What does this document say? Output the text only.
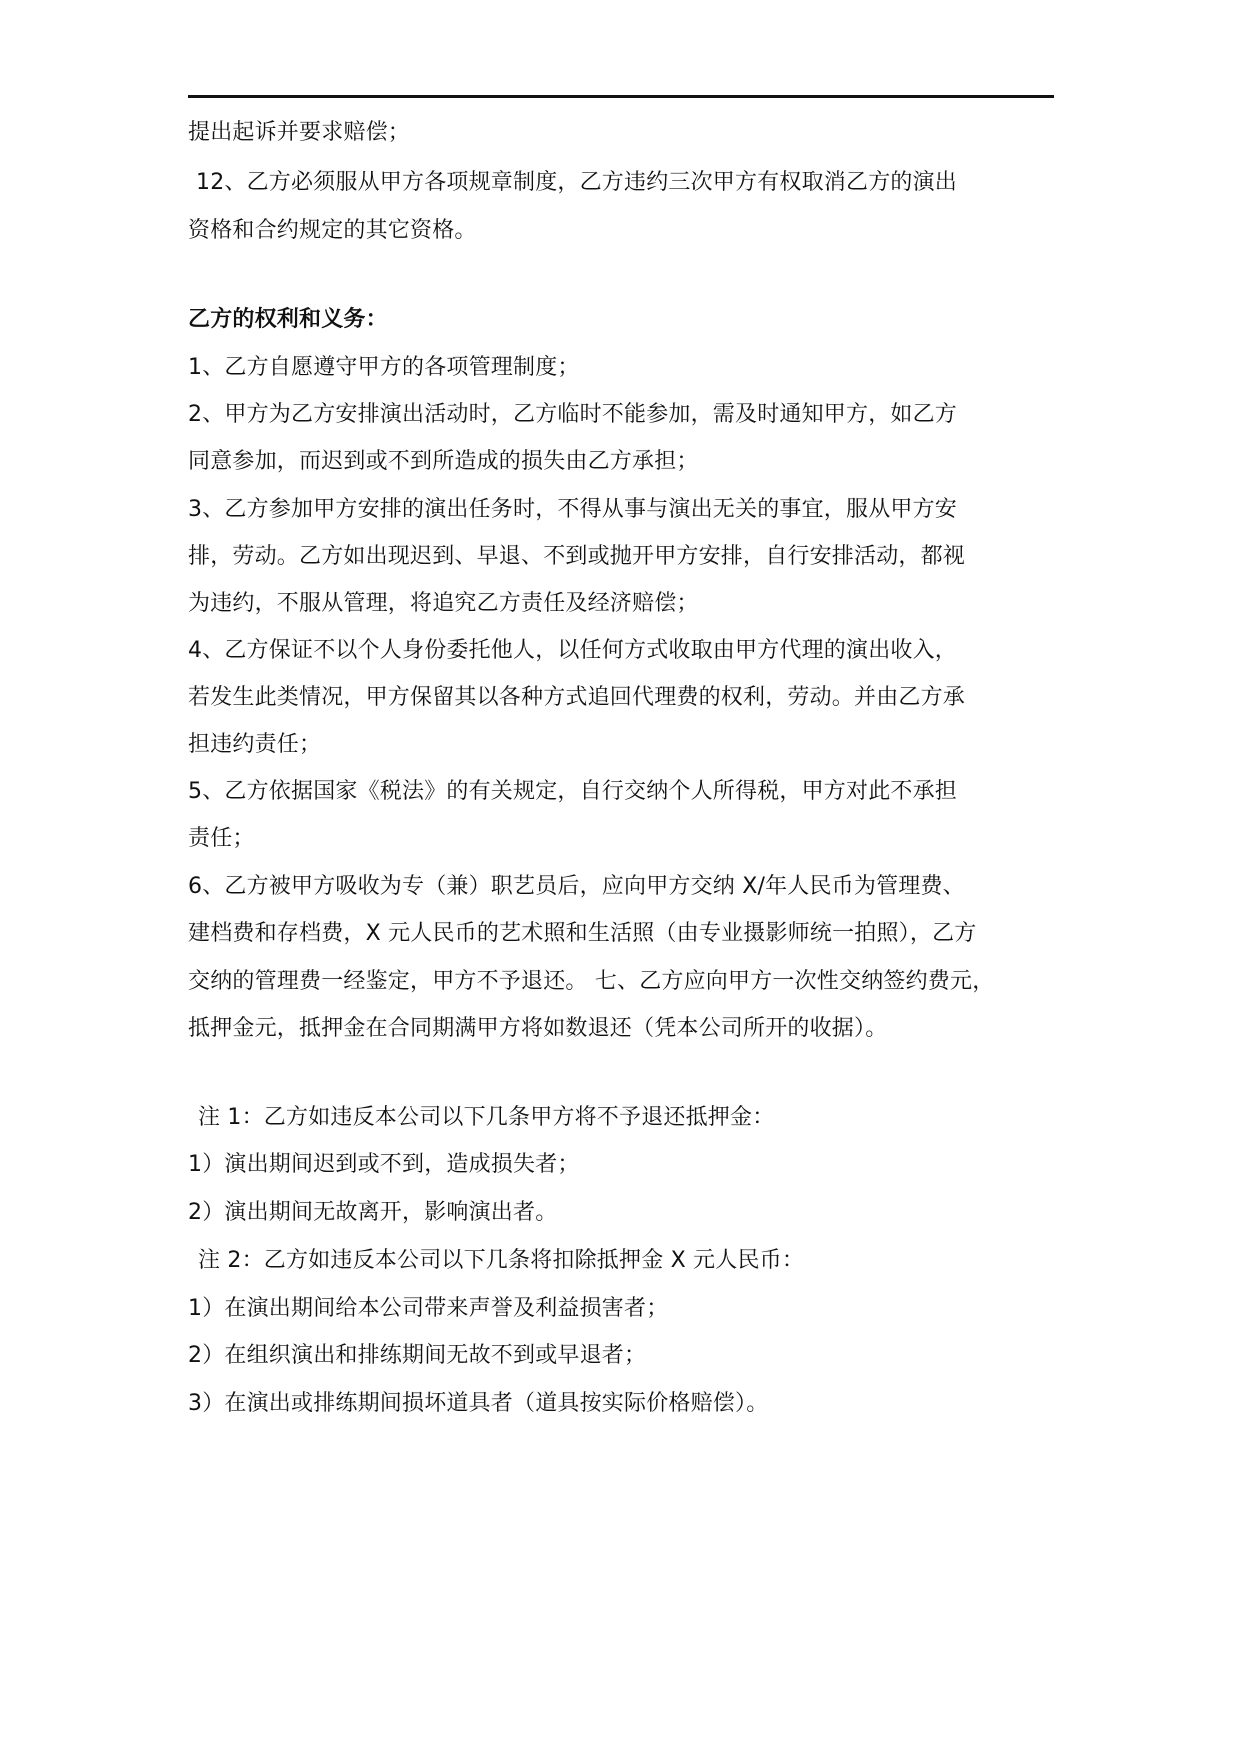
提出起诉并要求赔偿；
12、乙方必须服从甲方各项规章制度，乙方违约三次甲方有权取消乙方的演出
资格和合约规定的其它资格。
乙方的权利和义务：
1、乙方自愿遵守甲方的各项管理制度；
2、甲方为乙方安排演出活动时，乙方临时不能参加，需及时通知甲方，如乙方
同意参加，而迟到或不到所造成的损失由乙方承担；
3、乙方参加甲方安排的演出任务时，不得从事与演出无关的事宜，服从甲方安
排，劳动。乙方如出现迟到、早退、不到或抛开甲方安排，自行安排活动，都视
为违约，不服从管理，将追究乙方责任及经济赔偿；
4、乙方保证不以个人身份委托他人，以任何方式收取由甲方代理的演出收入，
若发生此类情况，甲方保留其以各种方式追回代理费的权利，劳动。并由乙方承
担违约责任；
5、乙方依据国家《税法》的有关规定，自行交纳个人所得税，甲方对此不承担
责任；
6、乙方被甲方吸收为专（兼）职艺员后，应向甲方交纳 X/年人民币为管理费、
建档费和存档费，X 元人民币的艺术照和生活照（由专业摄影师统一拍照），乙方
交纳的管理费一经鉴定，甲方不予退还。 七、乙方应向甲方一次性交纳签约费元，
抵押金元，抵押金在合同期满甲方将如数退还（凭本公司所开的收据）。
注 1：乙方如违反本公司以下几条甲方将不予退还抵押金：
1）演出期间迟到或不到，造成损失者；
2）演出期间无故离开，影响演出者。
注 2：乙方如违反本公司以下几条将扣除抵押金 X 元人民币：
1）在演出期间给本公司带来声誉及利益损害者；
2）在组织演出和排练期间无故不到或早退者；
3）在演出或排练期间损坏道具者（道具按实际价格赔偿）。
